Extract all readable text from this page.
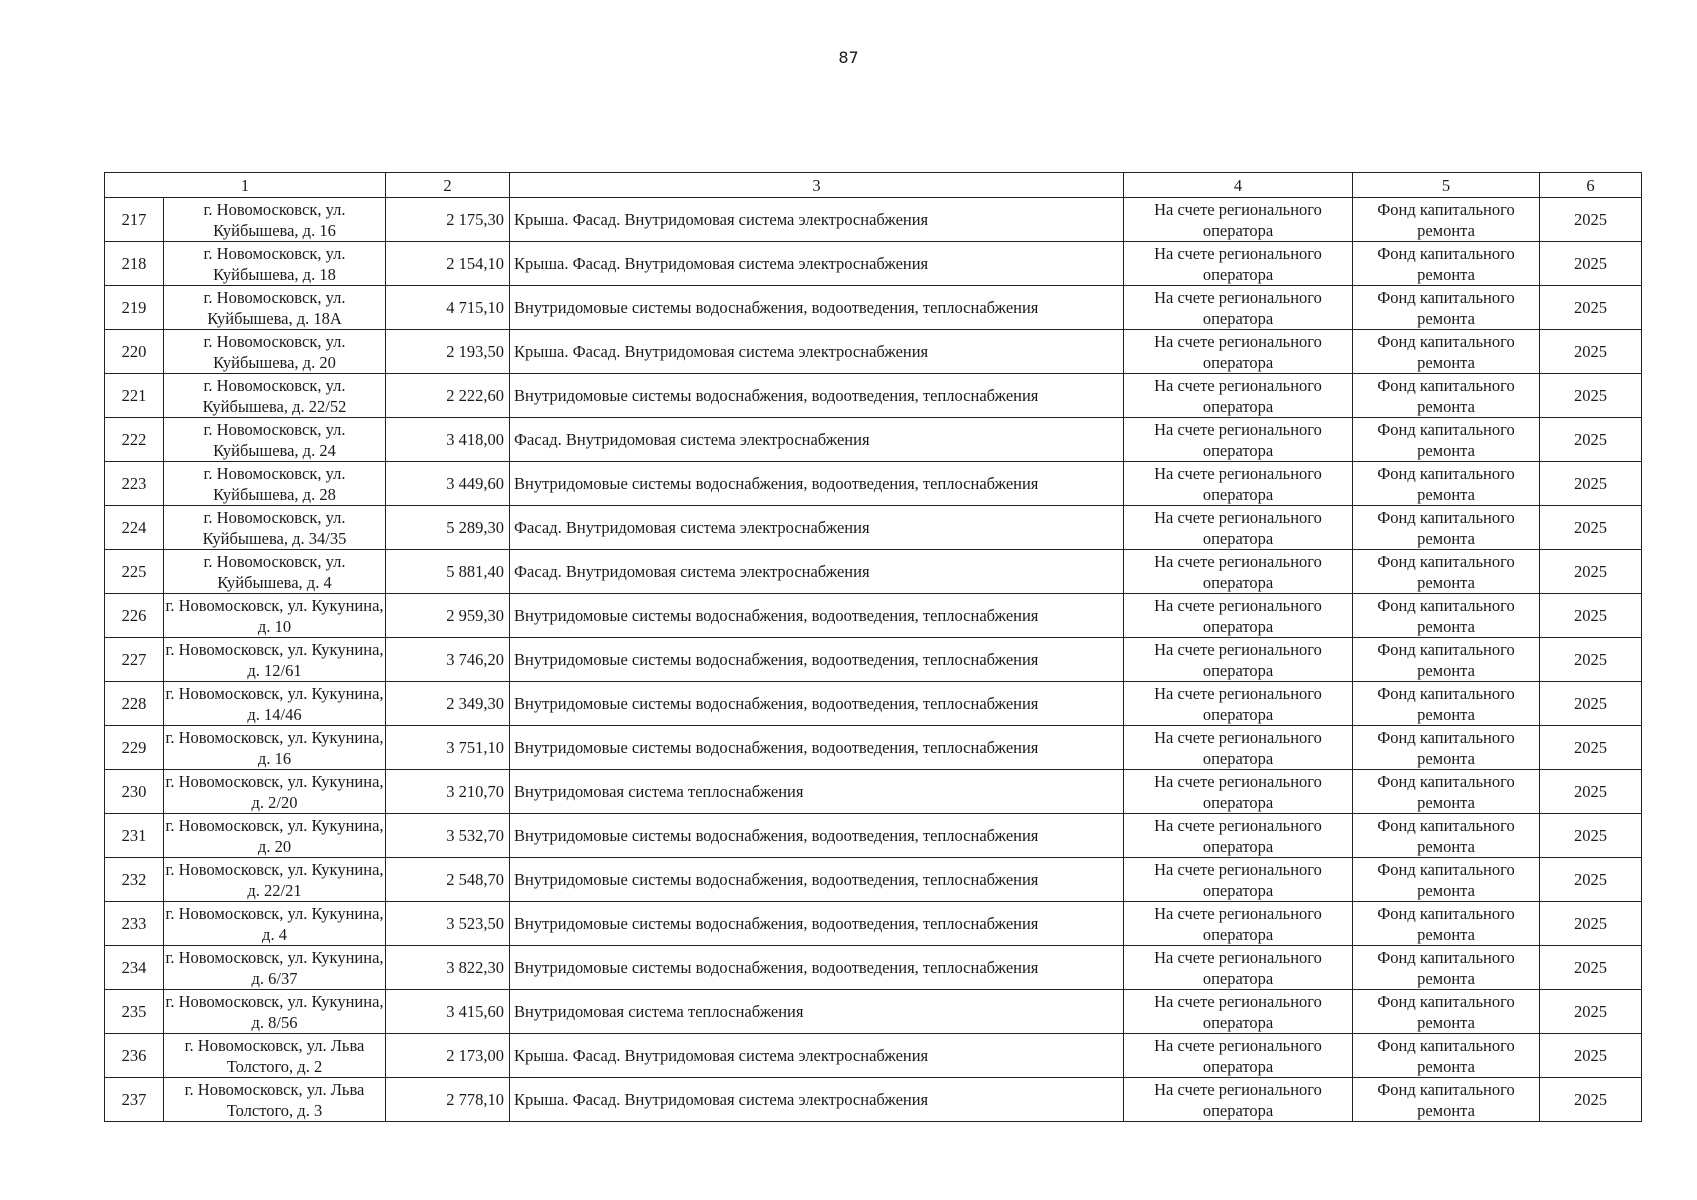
87
1		2	3	4	5	6
217	г. Новомосковск, ул. Куйбышева, д. 16	2 175,30	Крыша. Фасад. Внутридомовая система электроснабжения	На счете регионального оператора	Фонд капитального ремонта	2025
218	г. Новомосковск, ул. Куйбышева, д. 18	2 154,10	Крыша. Фасад. Внутридомовая система электроснабжения	На счете регионального оператора	Фонд капитального ремонта	2025
219	г. Новомосковск, ул. Куйбышева, д. 18А	4 715,10	Внутридомовые системы водоснабжения, водоотведения, теплоснабжения	На счете регионального оператора	Фонд капитального ремонта	2025
220	г. Новомосковск, ул. Куйбышева, д. 20	2 193,50	Крыша. Фасад. Внутридомовая система электроснабжения	На счете регионального оператора	Фонд капитального ремонта	2025
221	г. Новомосковск, ул. Куйбышева, д. 22/52	2 222,60	Внутридомовые системы водоснабжения, водоотведения, теплоснабжения	На счете регионального оператора	Фонд капитального ремонта	2025
222	г. Новомосковск, ул. Куйбышева, д. 24	3 418,00	Фасад. Внутридомовая система электроснабжения	На счете регионального оператора	Фонд капитального ремонта	2025
223	г. Новомосковск, ул. Куйбышева, д. 28	3 449,60	Внутридомовые системы водоснабжения, водоотведения, теплоснабжения	На счете регионального оператора	Фонд капитального ремонта	2025
224	г. Новомосковск, ул. Куйбышева, д. 34/35	5 289,30	Фасад. Внутридомовая система электроснабжения	На счете регионального оператора	Фонд капитального ремонта	2025
225	г. Новомосковск, ул. Куйбышева, д. 4	5 881,40	Фасад. Внутридомовая система электроснабжения	На счете регионального оператора	Фонд капитального ремонта	2025
226	г. Новомосковск, ул. Кукунина, д. 10	2 959,30	Внутридомовые системы водоснабжения, водоотведения, теплоснабжения	На счете регионального оператора	Фонд капитального ремонта	2025
227	г. Новомосковск, ул. Кукунина, д. 12/61	3 746,20	Внутридомовые системы водоснабжения, водоотведения, теплоснабжения	На счете регионального оператора	Фонд капитального ремонта	2025
228	г. Новомосковск, ул. Кукунина, д. 14/46	2 349,30	Внутридомовые системы водоснабжения, водоотведения, теплоснабжения	На счете регионального оператора	Фонд капитального ремонта	2025
229	г. Новомосковск, ул. Кукунина, д. 16	3 751,10	Внутридомовые системы водоснабжения, водоотведения, теплоснабжения	На счете регионального оператора	Фонд капитального ремонта	2025
230	г. Новомосковск, ул. Кукунина, д. 2/20	3 210,70	Внутридомовая система теплоснабжения	На счете регионального оператора	Фонд капитального ремонта	2025
231	г. Новомосковск, ул. Кукунина, д. 20	3 532,70	Внутридомовые системы водоснабжения, водоотведения, теплоснабжения	На счете регионального оператора	Фонд капитального ремонта	2025
232	г. Новомосковск, ул. Кукунина, д. 22/21	2 548,70	Внутридомовые системы водоснабжения, водоотведения, теплоснабжения	На счете регионального оператора	Фонд капитального ремонта	2025
233	г. Новомосковск, ул. Кукунина, д. 4	3 523,50	Внутридомовые системы водоснабжения, водоотведения, теплоснабжения	На счете регионального оператора	Фонд капитального ремонта	2025
234	г. Новомосковск, ул. Кукунина, д. 6/37	3 822,30	Внутридомовые системы водоснабжения, водоотведения, теплоснабжения	На счете регионального оператора	Фонд капитального ремонта	2025
235	г. Новомосковск, ул. Кукунина, д. 8/56	3 415,60	Внутридомовая система теплоснабжения	На счете регионального оператора	Фонд капитального ремонта	2025
236	г. Новомосковск, ул. Льва Толстого, д. 2	2 173,00	Крыша. Фасад. Внутридомовая система электроснабжения	На счете регионального оператора	Фонд капитального ремонта	2025
237	г. Новомосковск, ул. Льва Толстого, д. 3	2 778,10	Крыша. Фасад. Внутридомовая система электроснабжения	На счете регионального оператора	Фонд капитального ремонта	2025
